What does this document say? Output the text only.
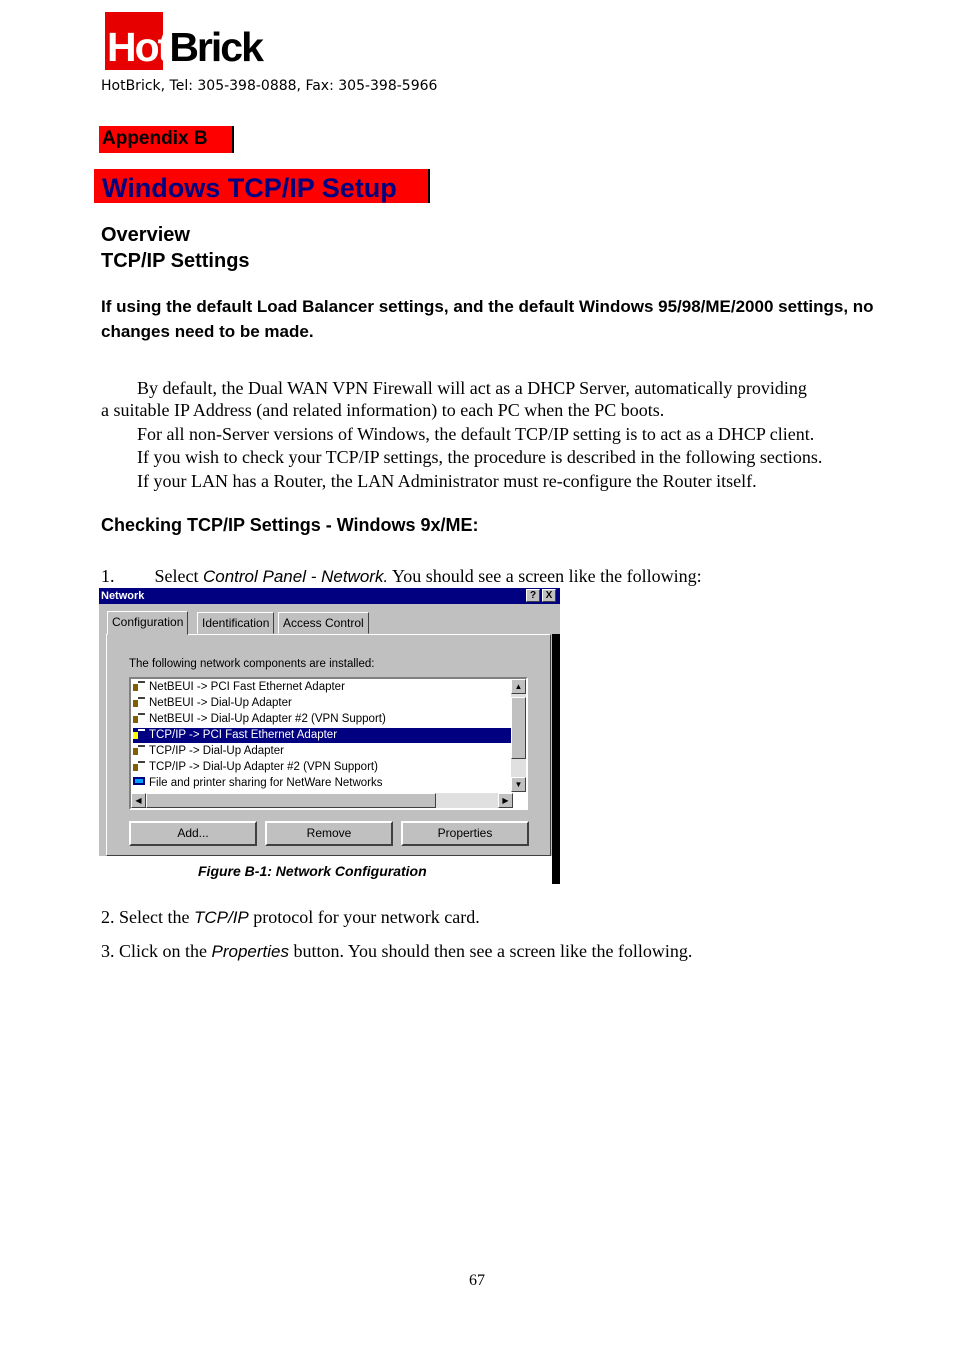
HotBrick
HotBrick, Tel: 305-398-0888, Fax: 305-398-5966
Appendix B
Windows TCP/IP Setup
Overview
TCP/IP Settings
If using the default Load Balancer settings, and the default Windows 95/98/ME/2000 settings, no changes need to be made.
By default, the Dual WAN VPN Firewall will act as a DHCP Server, automatically providing
a suitable IP Address (and related information) to each PC when the PC boots.
For all non-Server versions of Windows, the default TCP/IP setting is to act as a DHCP client.
If you wish to check your TCP/IP settings, the procedure is described in the following sections.
If your LAN has a Router, the LAN Administrator must re-configure the Router itself.
Checking TCP/IP Settings - Windows 9x/ME:
1. Select Control Panel - Network. You should see a screen like the following:
Network	? X
Configuration	Identification	Access Control
The following network components are installed:
NetBEUI -> PCI Fast Ethernet Adapter
NetBEUI -> Dial-Up Adapter
NetBEUI -> Dial-Up Adapter #2 (VPN Support)
TCP/IP -> PCI Fast Ethernet Adapter
TCP/IP -> Dial-Up Adapter
TCP/IP -> Dial-Up Adapter #2 (VPN Support)
File and printer sharing for NetWare Networks
▲
▼
◀	▶
Add...	Remove	Properties
Figure B-1: Network Configuration
2. Select the TCP/IP protocol for your network card.
3. Click on the Properties button. You should then see a screen like the following.
67
